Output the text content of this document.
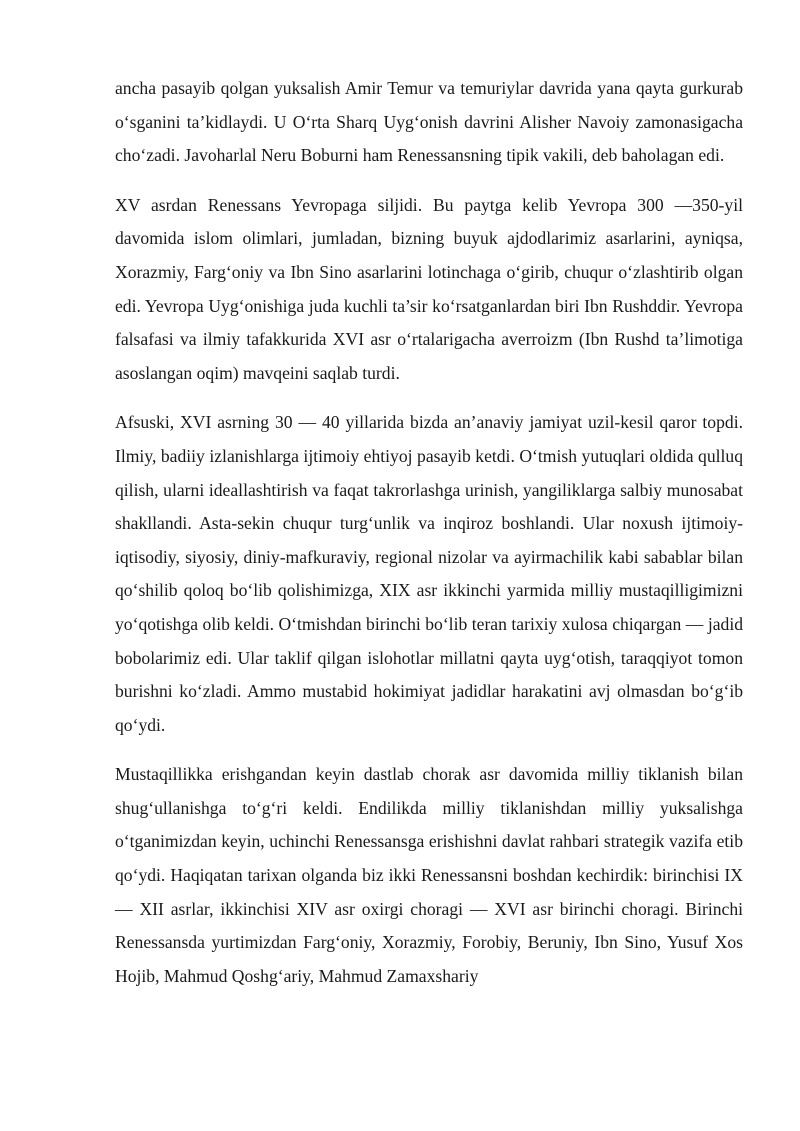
ancha pasayib qolgan yuksalish Amir Temur va temuriylar davrida yana qayta gurkurab o‘sganini ta’kidlaydi. U O‘rta Sharq Uyg‘onish davrini Alisher Navoiy zamonasigacha cho‘zadi. Javoharlal Neru Boburni ham Renessansning tipik vakili, deb baholagan edi.

XV asrdan Renessans Yevropaga siljidi. Bu paytga kelib Yevropa 300 —350-yil davomida islom olimlari, jumladan, bizning buyuk ajdodlarimiz asarlarini, ayniqsa, Xorazmiy, Farg‘oniy va Ibn Sino asarlarini lotinchaga o‘girib, chuqur o‘zlashtirib olgan edi. Yevropa Uyg‘onishiga juda kuchli ta’sir ko‘rsatganlardan biri Ibn Rushddir. Yevropa falsafasi va ilmiy tafakkurida XVI asr o‘rtalarigacha averroizm (Ibn Rushd ta’limotiga asoslangan oqim) mavqeini saqlab turdi.

Afsuski, XVI asrning 30 — 40 yillarida bizda an’anaviy jamiyat uzil-kesil qaror topdi. Ilmiy, badiiy izlanishlarga ijtimoiy ehtiyoj pasayib ketdi. O‘tmish yutuqlari oldida qulluq qilish, ularni ideallashtirish va faqat takrorlashga urinish, yangiliklarga salbiy munosabat shakllandi. Asta-sekin chuqur turg‘unlik va inqiroz boshlandi. Ular noxush ijtimoiy-iqtisodiy, siyosiy, diniy-mafkuraviy, regional nizolar va ayirmachilik kabi sabablar bilan qo‘shilib qoloq bo‘lib qolishimizga, XIX asr ikkinchi yarmida milliy mustaqilligimizni yo‘qotishga olib keldi. O‘tmishdan birinchi bo‘lib teran tarixiy xulosa chiqargan — jadid bobolarimiz edi. Ular taklif qilgan islohotlar millatni qayta uyg‘otish, taraqqiyot tomon burishni ko‘zladi. Ammo mustabid hokimiyat jadidlar harakatini avj olmasdan bo‘g‘ib qo‘ydi.

Mustaqillikka erishgandan keyin dastlab chorak asr davomida milliy tiklanish bilan shug‘ullanishga to‘g‘ri keldi. Endilikda milliy tiklanishdan milliy yuksalishga o‘tganimizdan keyin, uchinchi Renessansga erishishni davlat rahbari strategik vazifa etib qo‘ydi. Haqiqatan tarixan olganda biz ikki Renessansni boshdan kechirdik: birinchisi IX — XII asrlar, ikkinchisi XIV asr oxirgi choragi — XVI asr birinchi choragi. Birinchi Renessansda yurtimizdan Farg‘oniy, Xorazmiy, Forobiy, Beruniy, Ibn Sino, Yusuf Xos Hojib, Mahmud Qoshg‘ariy, Mahmud Zamaxshariy
